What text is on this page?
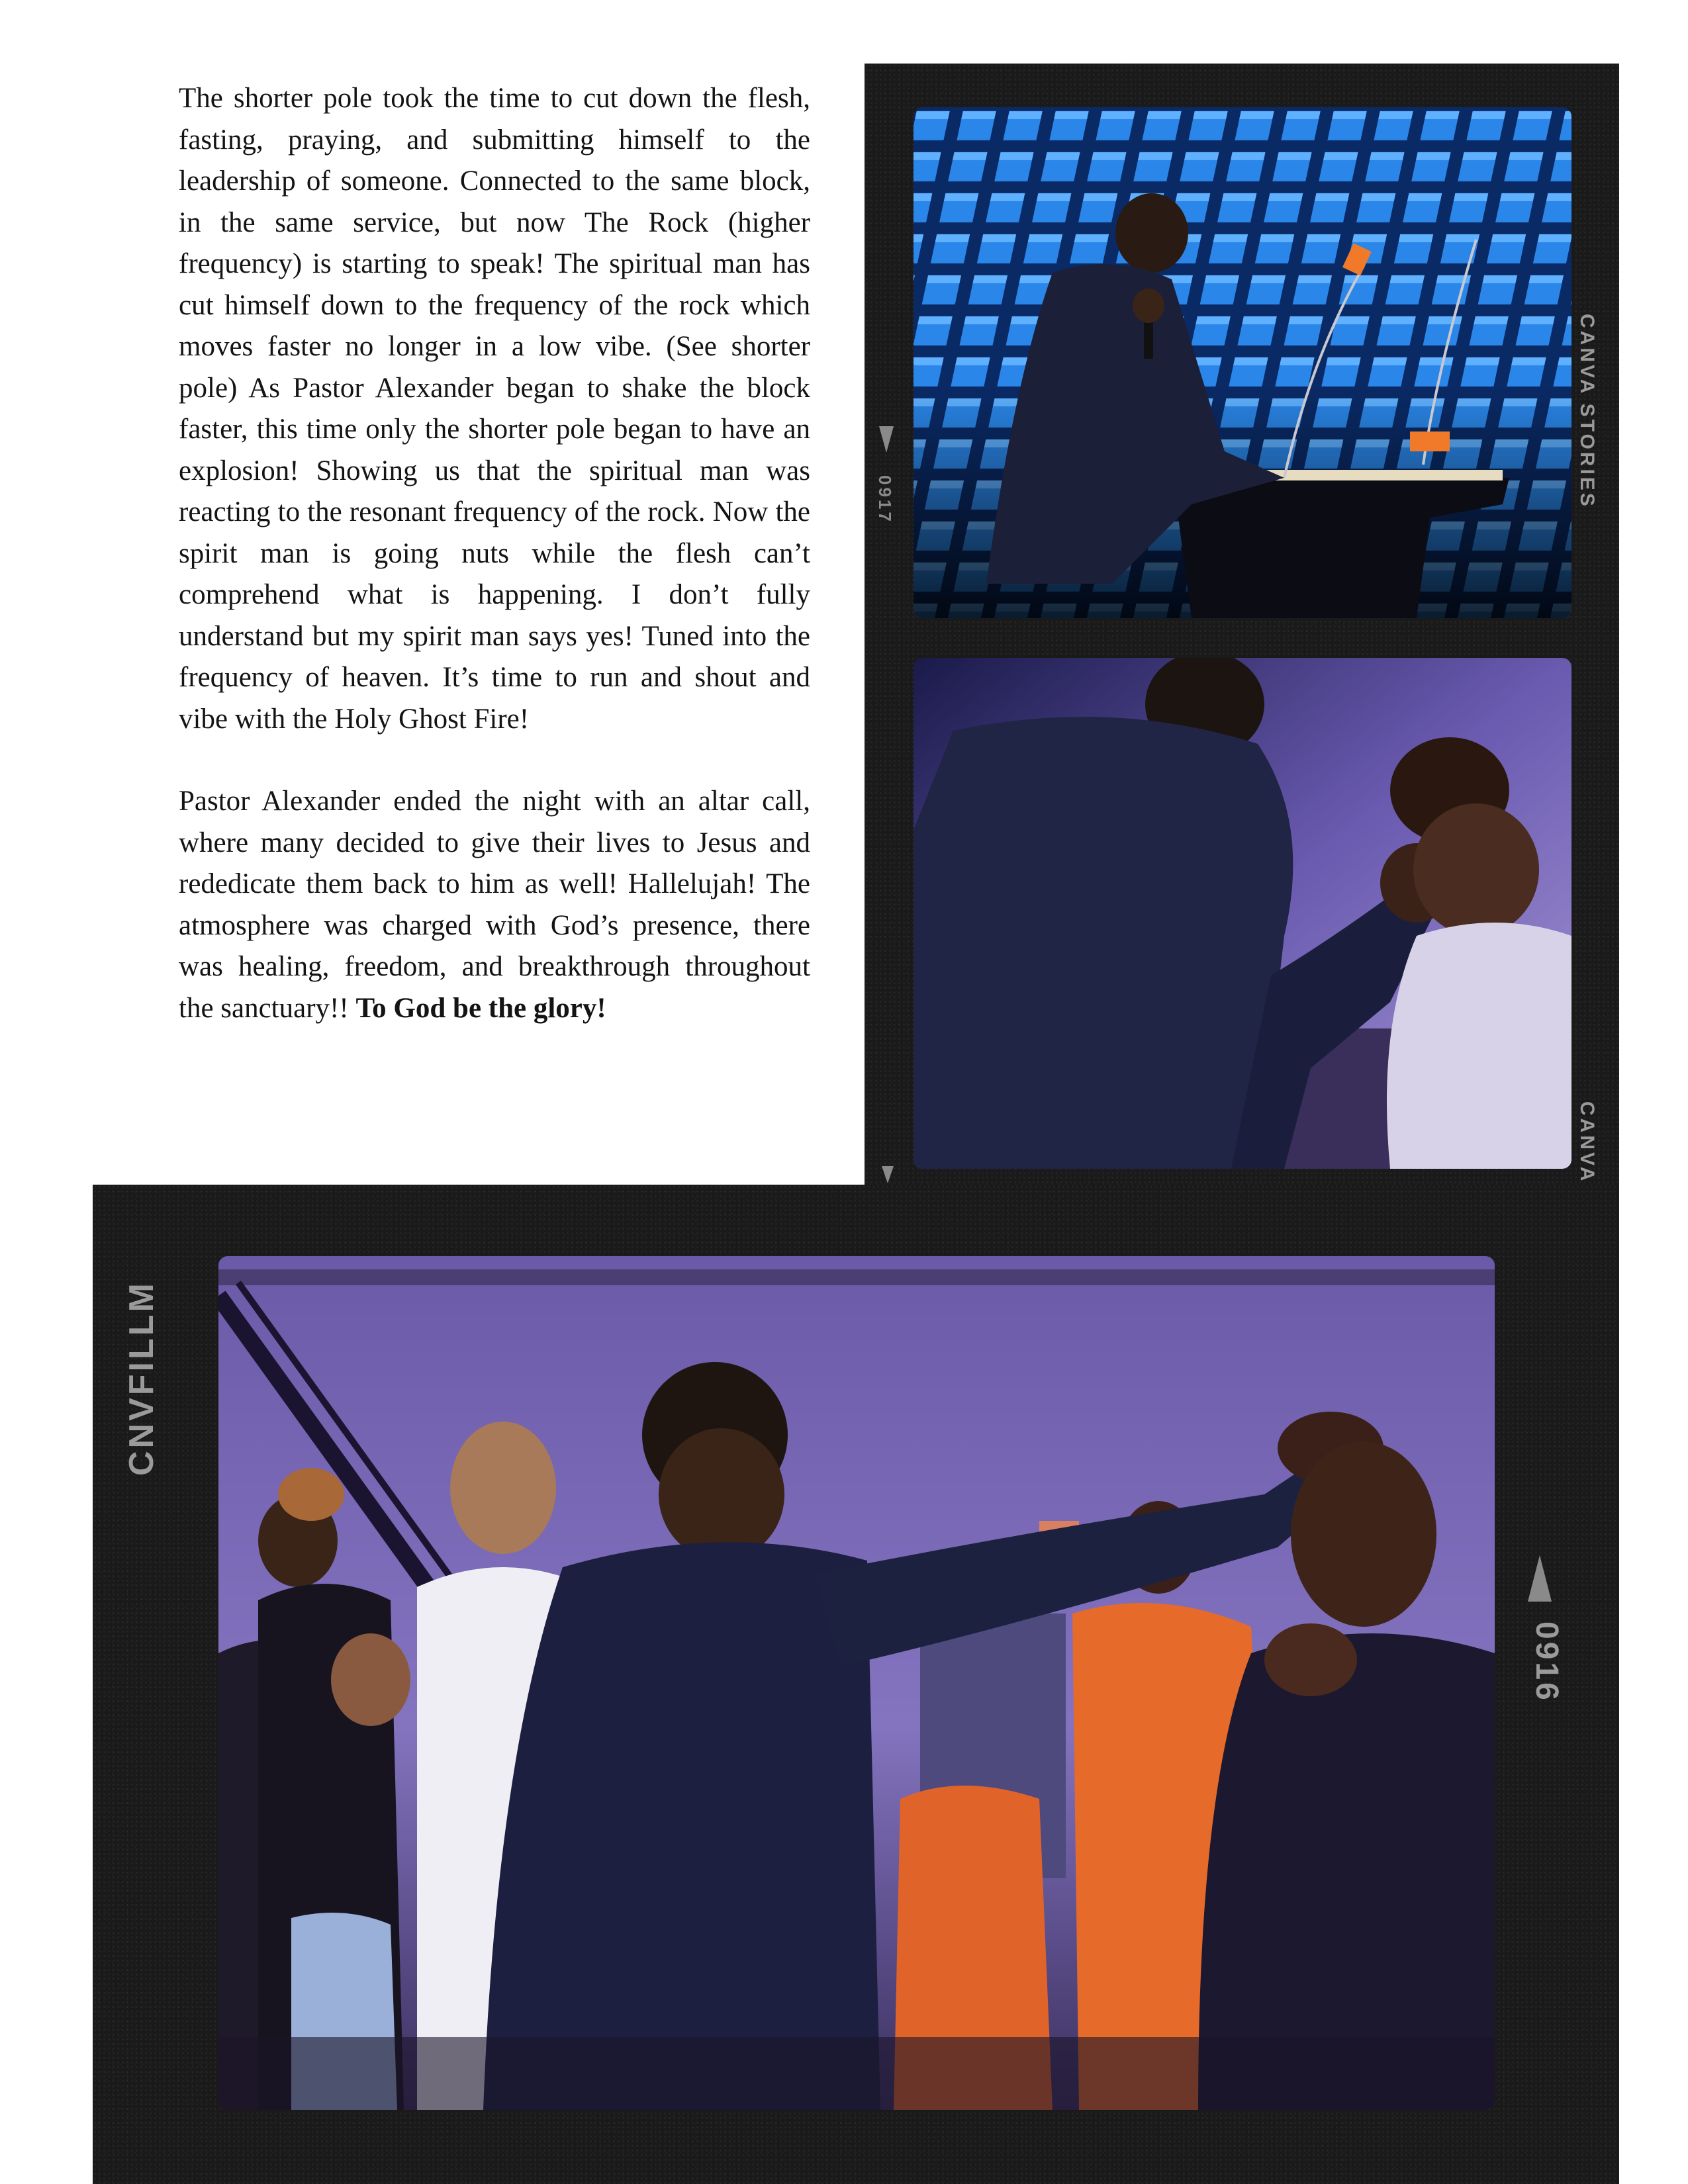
The shorter pole took the time to cut down the flesh, fasting, praying, and submitting himself to the leadership of someone. Connected to the same block, in the same service, but now The Rock (higher frequency) is starting to speak! The spiritual man has cut himself down to the frequency of the rock which moves faster no longer in a low vibe. (See shorter pole) As Pastor Alexander began to shake the block faster, this time only the shorter pole began to have an explosion! Showing us that the spiritual man was reacting to the resonant frequency of the rock. Now the spirit man is going nuts while the flesh can’t comprehend what is happening. I don’t fully understand but my spirit man says yes! Tuned into the frequency of heaven. It’s time to run and shout and vibe with the Holy Ghost Fire!

Pastor Alexander ended the night with an altar call, where many decided to give their lives to Jesus and rededicate them back to him as well! Hallelujah! The atmosphere was charged with God’s presence, there was healing, freedom, and breakthrough throughout the sanctuary!! To God be the glory!

CANVA STORIES
CANVA
0917
CNVFILLM
0916
